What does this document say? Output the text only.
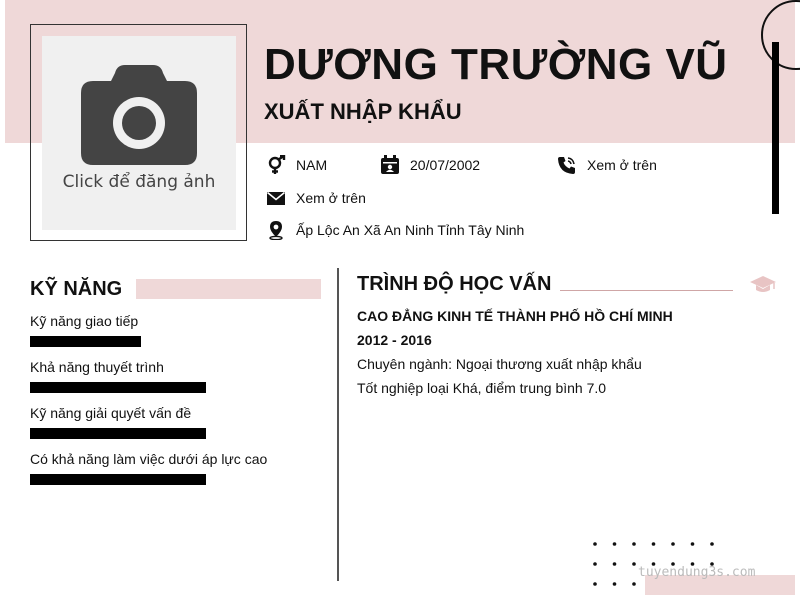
Click để đăng ảnh
DƯƠNG TRƯỜNG VŨ
XUẤT NHẬP KHẨU
NAM	20/07/2002	Xem ở trên
Xem ở trên
Ấp Lộc An Xã An Ninh Tỉnh Tây Ninh
KỸ NĂNG
Kỹ năng giao tiếp
Khả năng thuyết trình
Kỹ năng giải quyết vấn đề
Có khả năng làm việc dưới áp lực cao
TRÌNH ĐỘ HỌC VẤN
CAO ĐẲNG KINH TẾ THÀNH PHỐ HỒ CHÍ MINH
2012 - 2016
Chuyên ngành: Ngoại thương xuất nhập khẩu
Tốt nghiệp loại Khá, điểm trung bình 7.0
tuyendung3s.com
